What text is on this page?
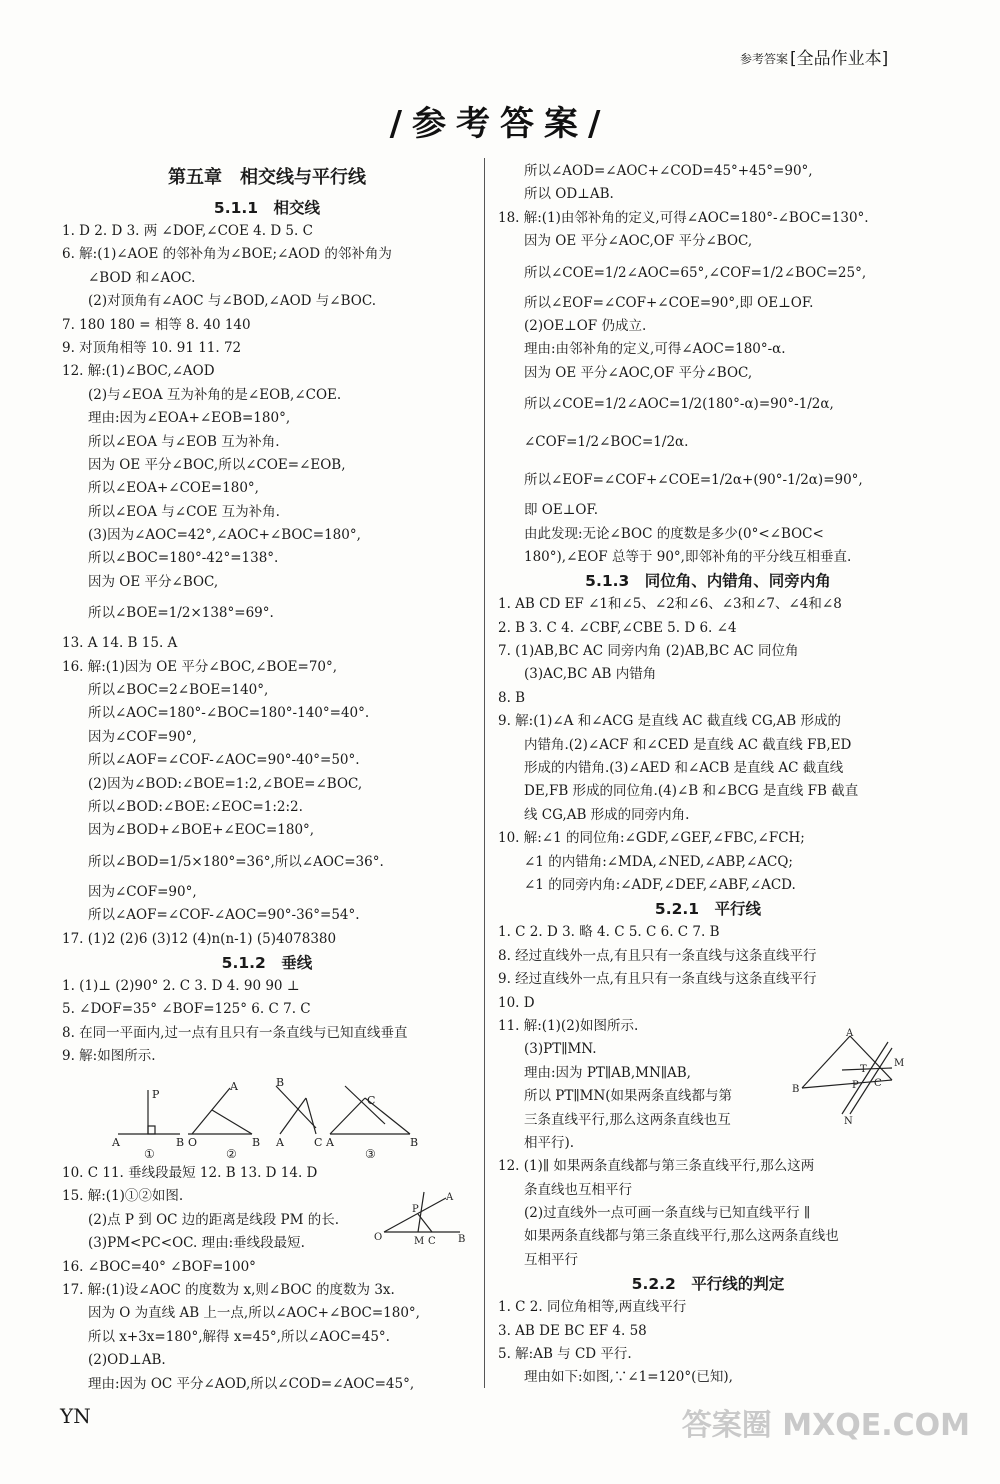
参考答案 [全品作业本]
/参考答案/
第五章　相交线与平行线
5.1.1　相交线
1. D 2. D 3. 两 ∠DOF,∠COE 4. D 5. C
6. 解:(1)∠AOE 的邻补角为∠BOE;∠AOD 的邻补角为
∠BOD 和∠AOC.
(2)对顶角有∠AOC 与∠BOD,∠AOD 与∠BOC.
7. 180 180 = 相等 8. 40 140
9. 对顶角相等 10. 91 11. 72
12. 解:(1)∠BOC,∠AOD
(2)与∠EOA 互为补角的是∠EOB,∠COE.
理由:因为∠EOA+∠EOB=180°,
所以∠EOA 与∠EOB 互为补角.
因为 OE 平分∠BOC,所以∠COE=∠EOB,
所以∠EOA+∠COE=180°,
所以∠EOA 与∠COE 互为补角.
(3)因为∠AOC=42°,∠AOC+∠BOC=180°,
所以∠BOC=180°-42°=138°.
因为 OE 平分∠BOC,
所以∠BOE=1/2×138°=69°.
13. A 14. B 15. A
16. 解:(1)因为 OE 平分∠BOC,∠BOE=70°,
所以∠BOC=2∠BOE=140°,
所以∠AOC=180°-∠BOC=180°-140°=40°.
因为∠COF=90°,
所以∠AOF=∠COF-∠AOC=90°-40°=50°.
(2)因为∠BOD:∠BOE=1:2,∠BOE=∠BOC,
所以∠BOD:∠BOE:∠EOC=1:2:2.
因为∠BOD+∠BOE+∠EOC=180°,
所以∠BOD=1/5×180°=36°,所以∠AOC=36°.
因为∠COF=90°,
所以∠AOF=∠COF-∠AOC=90°-36°=54°.
17. (1)2 (2)6 (3)12 (4)n(n-1) (5)4078380
5.1.2　垂线
1. (1)⊥ (2)90° 2. C 3. D 4. 90 90 ⊥
5. ∠DOF=35° ∠BOF=125° 6. C 7. C
8. 在同一平面内,过一点有且只有一条直线与已知直线垂直
9. 解:如图所示.
10. C 11. 垂线段最短 12. B 13. D 14. D
15. 解:(1)①②如图.
(2)点 P 到 OC 边的距离是线段 PM 的长.
(3)PM<PC<OC. 理由:垂线段最短.
16. ∠BOC=40° ∠BOF=100°
17. 解:(1)设∠AOC 的度数为 x,则∠BOC 的度数为 3x.
因为 O 为直线 AB 上一点,所以∠AOC+∠BOC=180°,
所以 x+3x=180°,解得 x=45°,所以∠AOC=45°.
(2)OD⊥AB.
理由:因为 OC 平分∠AOD,所以∠COD=∠AOC=45°,
所以∠AOD=∠AOC+∠COD=45°+45°=90°,
所以 OD⊥AB.
18. 解:(1)由邻补角的定义,可得∠AOC=180°-∠BOC=130°.
因为 OE 平分∠AOC,OF 平分∠BOC,
所以∠COE=1/2∠AOC=65°,∠COF=1/2∠BOC=25°,
所以∠EOF=∠COF+∠COE=90°,即 OE⊥OF.
(2)OE⊥OF 仍成立.
理由:由邻补角的定义,可得∠AOC=180°-α.
因为 OE 平分∠AOC,OF 平分∠BOC,
所以∠COE=1/2∠AOC=1/2(180°-α)=90°-1/2α,
∠COF=1/2∠BOC=1/2α.
所以∠EOF=∠COF+∠COE=1/2α+(90°-1/2α)=90°,
即 OE⊥OF.
由此发现:无论∠BOC 的度数是多少(0°<∠BOC<
180°),∠EOF 总等于 90°,即邻补角的平分线互相垂直.
5.1.3　同位角、内错角、同旁内角
1. AB CD EF ∠1和∠5、∠2和∠6、∠3和∠7、∠4和∠8
2. B 3. C 4. ∠CBF,∠CBE 5. D 6. ∠4
7. (1)AB,BC AC 同旁内角 (2)AB,BC AC 同位角
(3)AC,BC AB 内错角
8. B
9. 解:(1)∠A 和∠ACG 是直线 AC 截直线 CG,AB 形成的
内错角.(2)∠ACF 和∠CED 是直线 AC 截直线 FB,ED
形成的内错角.(3)∠AED 和∠ACB 是直线 AC 截直线
DE,FB 形成的同位角.(4)∠B 和∠BCG 是直线 FB 截直
线 CG,AB 形成的同旁内角.
10. 解:∠1 的同位角:∠GDF,∠GEF,∠FBC,∠FCH;
∠1 的内错角:∠MDA,∠NED,∠ABP,∠ACQ;
∠1 的同旁内角:∠ADF,∠DEF,∠ABF,∠ACD.
5.2.1　平行线
1. C 2. D 3. 略 4. C 5. C 6. C 7. B
8. 经过直线外一点,有且只有一条直线与这条直线平行
9. 经过直线外一点,有且只有一条直线与这条直线平行
10. D
11. 解:(1)(2)如图所示.
(3)PT∥MN.
理由:因为 PT∥AB,MN∥AB,
所以 PT∥MN(如果两条直线都与第
三条直线平行,那么这两条直线也互
相平行).
12. (1)∥ 如果两条直线都与第三条直线平行,那么这两
条直线也互相平行
(2)过直线外一点可画一条直线与已知直线平行 ∥
如果两条直线都与第三条直线平行,那么这两条直线也
互相平行
5.2.2　平行线的判定
1. C 2. 同位角相等,两直线平行
3. AB DE BC EF 4. 58
5. 解:AB 与 CD 平行.
理由如下:如图,∵∠1=120°(已知),
A	B
P
O
A
B A
B
C A	B
C
①	②	③
O
A
B
P
M C
A
B
C
M
N
P
T
YN	答案圈 MXQE.COM
